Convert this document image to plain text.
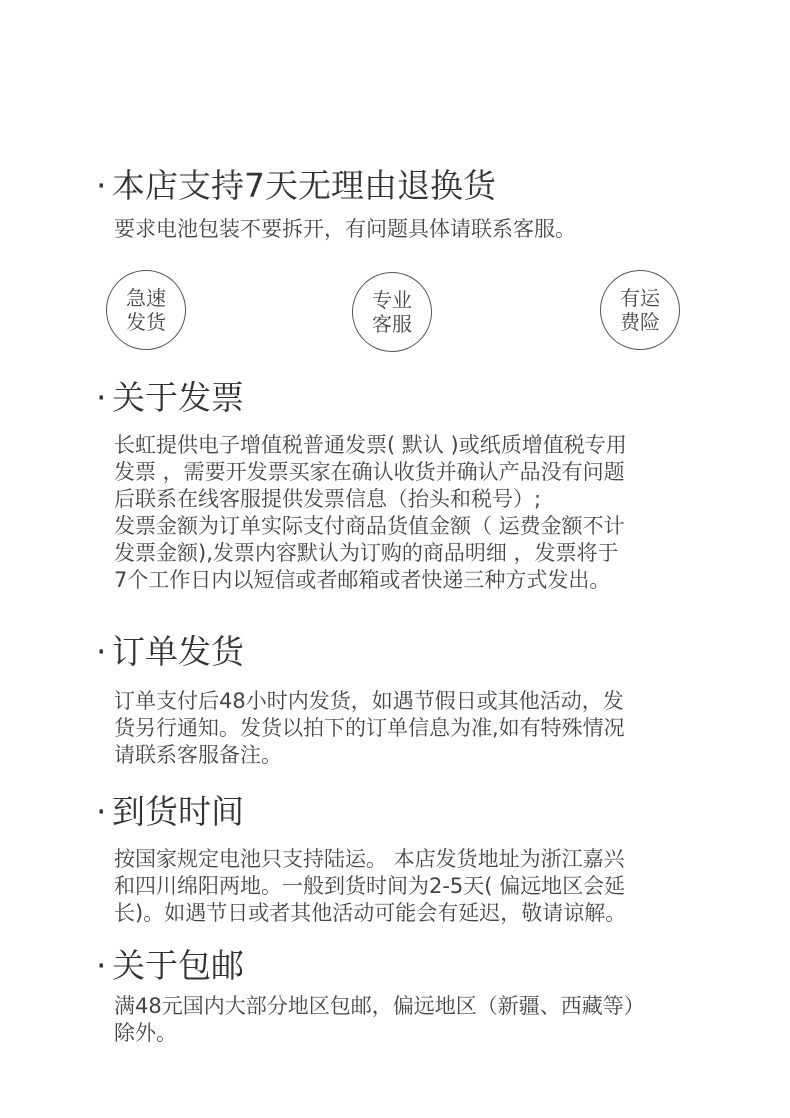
· 本店支持7天无理由退换货
要求电池包装不要拆开，有问题具体请联系客服。
急速
发货
专业
客服
有运
费险
· 关于发票
长虹提供电子增值税普通发票( 默认 )或纸质增值税专用
发票 ，需要开发票买家在确认收货并确认产品没有问题
后联系在线客服提供发票信息（抬头和税号）;
发票金额为订单实际支付商品货值金额（ 运费金额不计
发票金额),发票内容默认为订购的商品明细 ，发票将于
7个工作日内以短信或者邮箱或者快递三种方式发出。
· 订单发货
订单支付后48小时内发货，如遇节假日或其他活动，发
货另行通知。发货以拍下的订单信息为准,如有特殊情况
请联系客服备注。
· 到货时间
按国家规定电池只支持陆运。 本店发货地址为浙江嘉兴
和四川绵阳两地。一般到货时间为2-5天( 偏远地区会延
长)。如遇节日或者其他活动可能会有延迟，敬请谅解。
· 关于包邮
满48元国内大部分地区包邮，偏远地区（新疆、西藏等）
除外。
